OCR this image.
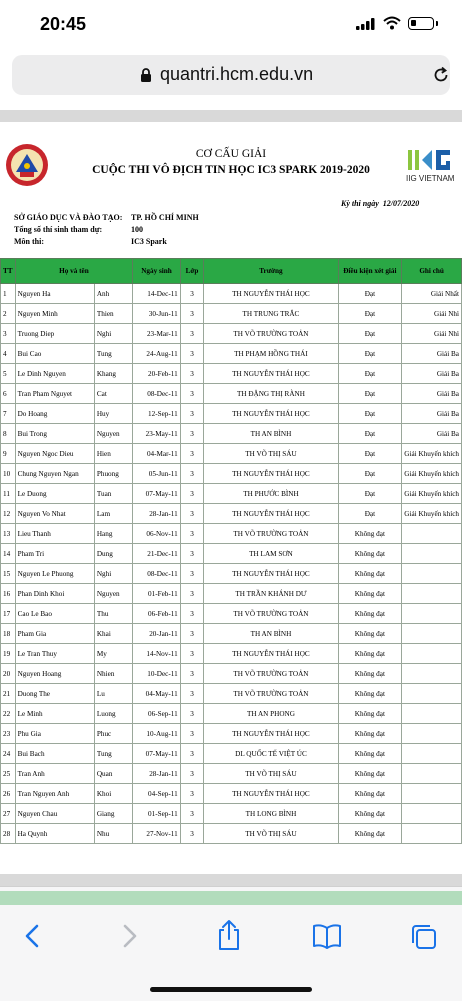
20:45
quantri.hcm.edu.vn
CƠ CẤU GIẢI
CUỘC THI VÔ ĐỊCH TIN HỌC IC3 SPARK 2019-2020
IIG VIETNAM
Kỳ thi ngày 12/07/2020
SỞ GIÁO DỤC VÀ ĐÀO TẠO: TP. HỒ CHÍ MINH
Tổng số thí sinh tham dự:	100
Môn thi:	IC3 Spark
TT	Họ và tên		Ngày sinh	Lớp	Trường	Điều kiện xét giải	Ghi chú
1	Nguyen Ha	Anh	14-Dec-11	3	TH NGUYỄN THÁI HỌC	Đạt	Giải Nhất
2	Nguyen Minh	Thien	30-Jun-11	3	TH TRUNG TRẮC	Đạt	Giải Nhì
3	Truong Diep	Nghi	23-Mar-11	3	TH VÕ TRƯỜNG TOẢN	Đạt	Giải Nhì
4	Bui Cao	Tung	24-Aug-11	3	TH PHẠM HỒNG THÁI	Đạt	Giải Ba
5	Le Dinh Nguyen	Khang	20-Feb-11	3	TH NGUYỄN THÁI HỌC	Đạt	Giải Ba
6	Tran Pham Nguyet	Cat	08-Dec-11	3	TH ĐẶNG THỊ RÀNH	Đạt	Giải Ba
7	Do Hoang	Huy	12-Sep-11	3	TH NGUYỄN THÁI HỌC	Đạt	Giải Ba
8	Bui Trong	Nguyen	23-May-11	3	TH AN BÌNH	Đạt	Giải Ba
9	Nguyen Ngoc Dieu	Hien	04-Mar-11	3	TH VÕ THỊ SÁU	Đạt	Giải Khuyến khích
10	Chung Nguyen Ngan	Phuong	05-Jun-11	3	TH NGUYỄN THÁI HỌC	Đạt	Giải Khuyến khích
11	Le Duong	Tuan	07-May-11	3	TH PHƯỚC BÌNH	Đạt	Giải Khuyến khích
12	Nguyen Vo Nhat	Lam	28-Jan-11	3	TH NGUYỄN THÁI HỌC	Đạt	Giải Khuyến khích
13	Lieu Thanh	Hang	06-Nov-11	3	TH VÕ TRƯỜNG TOẢN	Không đạt	
14	Pham Tri	Dung	21-Dec-11	3	TH LAM SƠN	Không đạt	
15	Nguyen Le Phuong	Nghi	08-Dec-11	3	TH NGUYỄN THÁI HỌC	Không đạt	
16	Phan Dinh Khoi	Nguyen	01-Feb-11	3	TH TRẦN KHÁNH DƯ	Không đạt	
17	Cao Le Bao	Thu	06-Feb-11	3	TH VÕ TRƯỜNG TOẢN	Không đạt	
18	Pham Gia	Khai	20-Jan-11	3	TH AN BÌNH	Không đạt	
19	Le Tran Thuy	My	14-Nov-11	3	TH NGUYỄN THÁI HỌC	Không đạt	
20	Nguyen Hoang	Nhien	10-Dec-11	3	TH VÕ TRƯỜNG TOẢN	Không đạt	
21	Duong The	Lu	04-May-11	3	TH VÕ TRƯỜNG TOẢN	Không đạt	
22	Le Minh	Luong	06-Sep-11	3	TH AN PHONG	Không đạt	
23	Phu Gia	Phuc	10-Aug-11	3	TH NGUYỄN THÁI HỌC	Không đạt	
24	Bui Bach	Tung	07-May-11	3	DL QUỐC TẾ VIỆT ÚC	Không đạt	
25	Tran Anh	Quan	28-Jan-11	3	TH VÕ THỊ SÁU	Không đạt	
26	Tran Nguyen Anh	Khoi	04-Sep-11	3	TH NGUYỄN THÁI HỌC	Không đạt	
27	Nguyen Chau	Giang	01-Sep-11	3	TH LONG BÌNH	Không đạt	
28	Ha Quynh	Nhu	27-Nov-11	3	TH VÕ THỊ SÁU	Không đạt	
